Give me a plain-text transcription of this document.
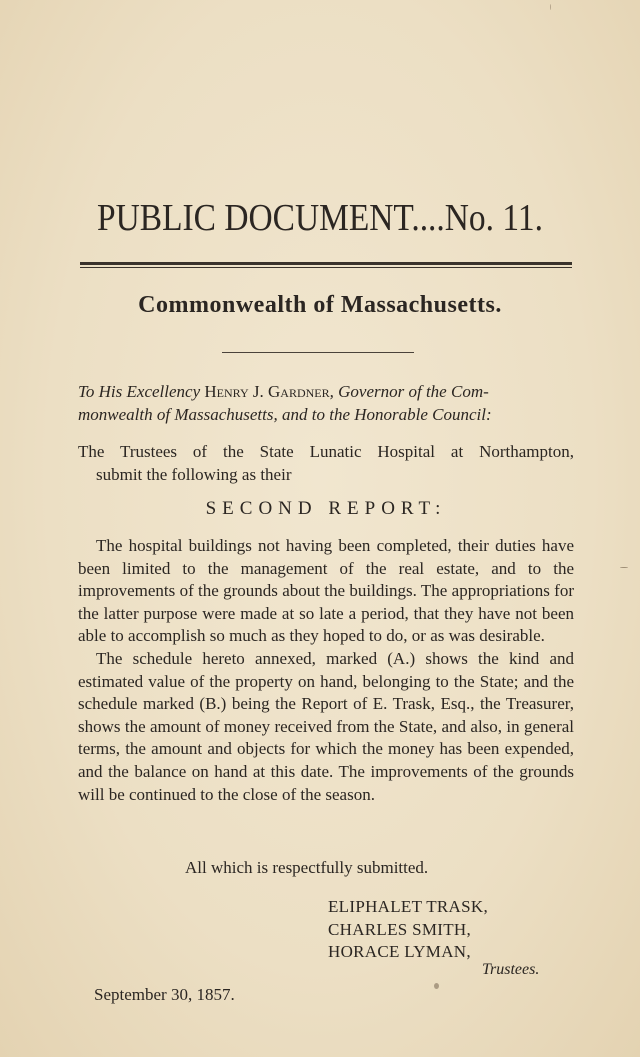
PUBLIC DOCUMENT....No. 11.
Commonwealth of Massachusetts.
To His Excellency Henry J. Gardner, Governor of the Com-
monwealth of Massachusetts, and to the Honorable Council:
The Trustees of the State Lunatic Hospital at Northampton,
submit the following as their
SECOND REPORT:

The hospital buildings not having been completed, their duties have been limited to the management of the real estate, and to the improvements of the grounds about the buildings. The appropriations for the latter purpose were made at so late a period, that they have not been able to accomplish so much as they hoped to do, or as was desirable.

The schedule hereto annexed, marked (A.) shows the kind and estimated value of the property on hand, belonging to the State; and the schedule marked (B.) being the Report of E. Trask, Esq., the Treasurer, shows the amount of money received from the State, and also, in general terms, the amount and objects for which the money has been expended, and the balance on hand at this date. The improvements of the grounds will be continued to the close of the season.

All which is respectfully submitted.
ELIPHALET TRASK,
CHARLES SMITH,
HORACE LYMAN,
Trustees.
September 30, 1857.
